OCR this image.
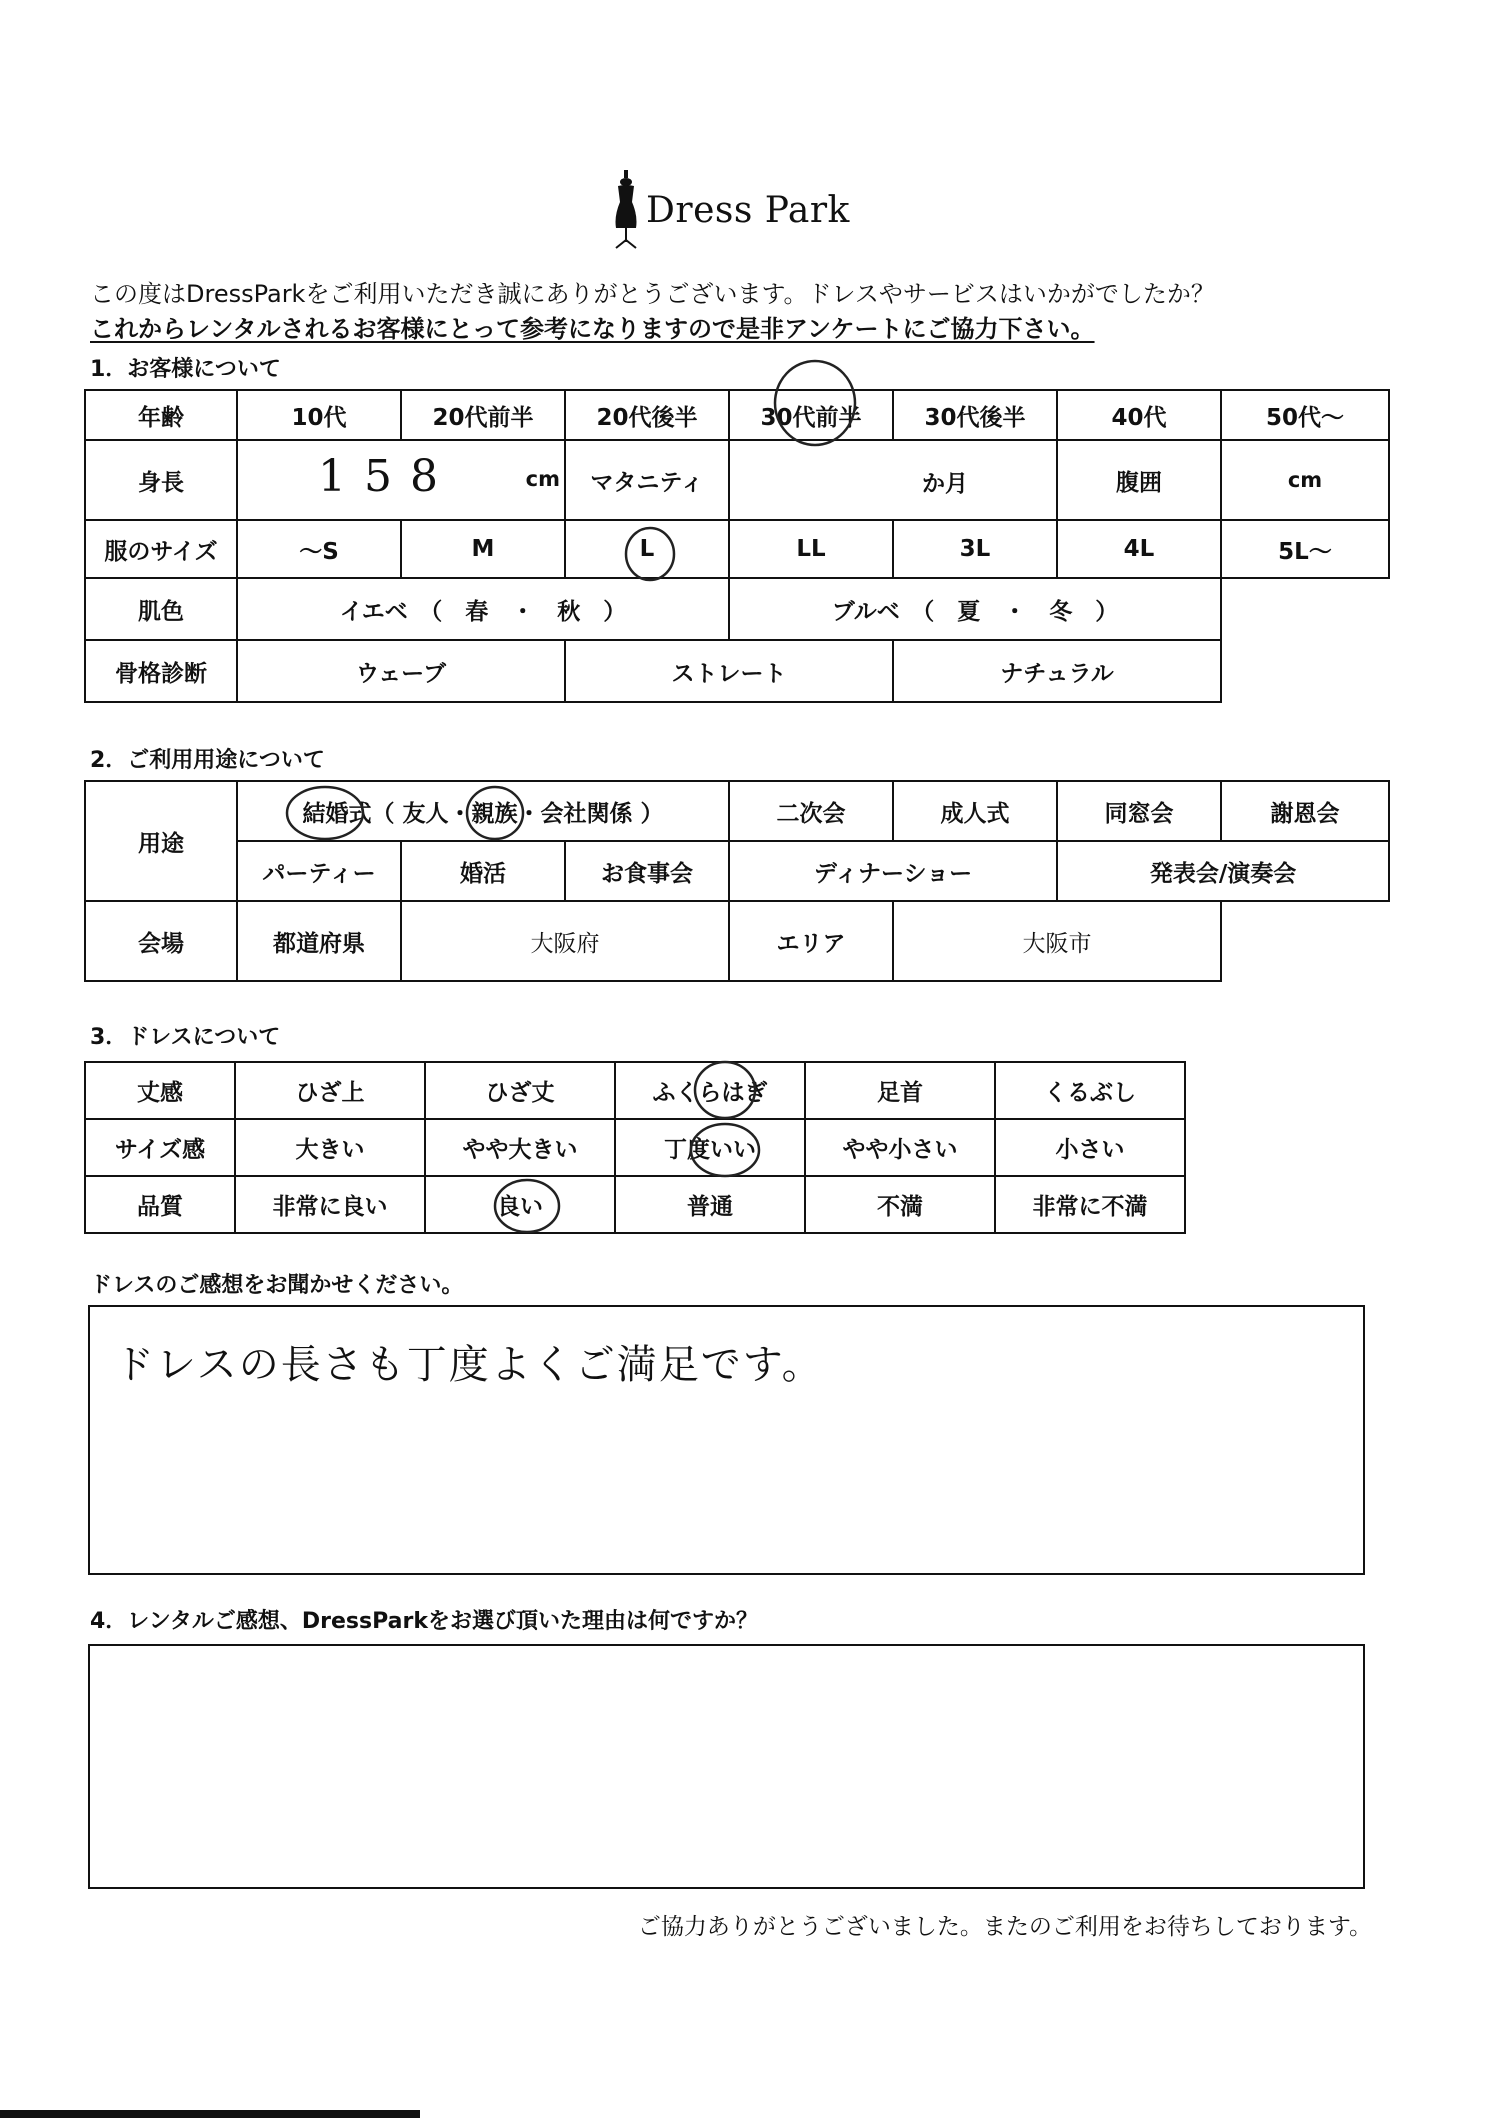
Dress Park
この度はDressParkをご利用いただき誠にありがとうございます。ドレスやサービスはいかがでしたか？
これからレンタルされるお客様にとって参考になりますので是非アンケートにご協力下さい。
1．お客様について
年齢	10代	20代前半	20代後半	30代前半	30代後半	40代	50代～
身長	158 cm		マタニティ	か月		腹囲	cm
服のサイズ	～S	M	L	LL	3L	4L	5L～
肌色	イエベ　（　春　・　秋　）			ブルベ　（　夏　・　冬　）			
骨格診断	ウェーブ		ストレート		ナチュラル		
2．ご利用用途について
用途	結婚式（ 友人・親族・会社関係 ）			二次会	成人式	同窓会	謝恩会
	パーティー	婚活	お食事会	ディナーショー		発表会/演奏会	
会場	都道府県	大阪府		エリア	大阪市		
3．ドレスについて
丈感	ひざ上	ひざ丈	ふくらはぎ	足首	くるぶし
サイズ感	大きい	やや大きい	丁度いい	やや小さい	小さい
品質	非常に良い	良い	普通	不満	非常に不満
ドレスのご感想をお聞かせください。
ドレスの長さも丁度よくご満足です。
4．レンタルご感想、DressParkをお選び頂いた理由は何ですか？
ご協力ありがとうございました。またのご利用をお待ちしております。
